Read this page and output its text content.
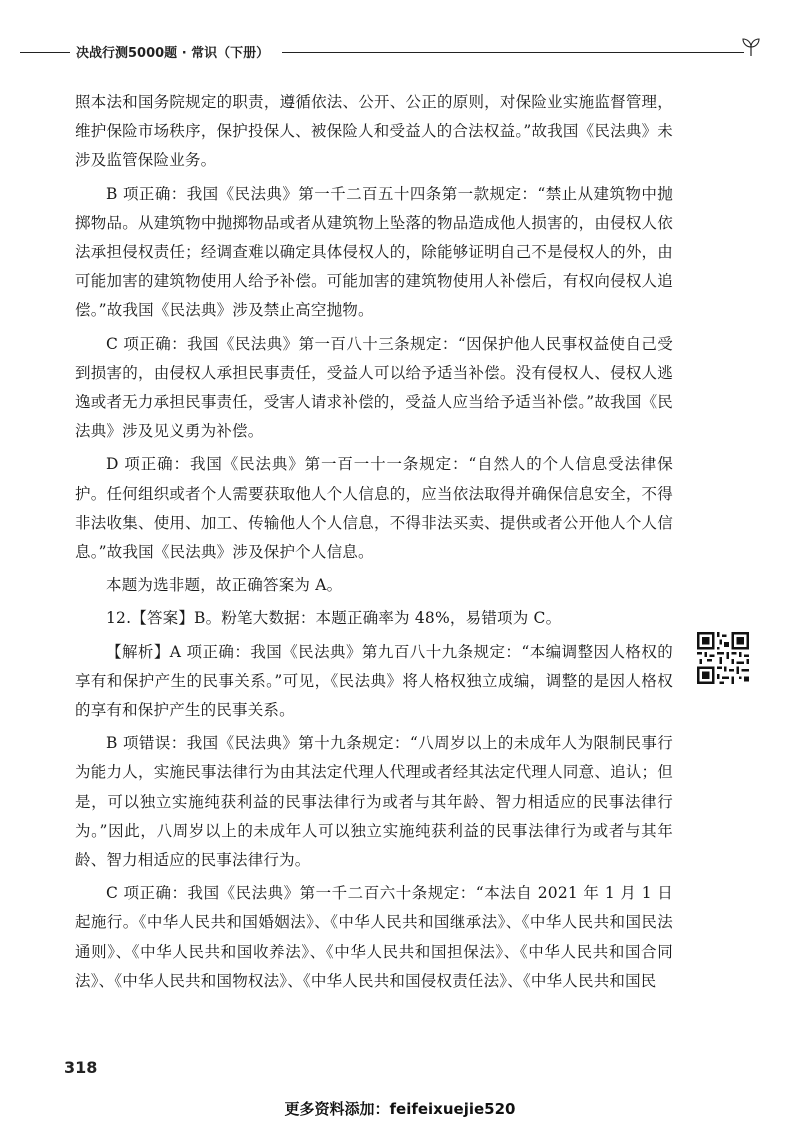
决战行测5000题 · 常识（下册）

照本法和国务院规定的职责，遵循依法、公开、公正的原则，对保险业实施监督管理，维护保险市场秩序，保护投保人、被保险人和受益人的合法权益。”故我国《民法典》未涉及监管保险业务。

B 项正确：我国《民法典》第一千二百五十四条第一款规定：“禁止从建筑物中抛掷物品。从建筑物中抛掷物品或者从建筑物上坠落的物品造成他人损害的，由侵权人依法承担侵权责任；经调查难以确定具体侵权人的，除能够证明自己不是侵权人的外，由可能加害的建筑物使用人给予补偿。可能加害的建筑物使用人补偿后，有权向侵权人追偿。”故我国《民法典》涉及禁止高空抛物。

C 项正确：我国《民法典》第一百八十三条规定：“因保护他人民事权益使自己受到损害的，由侵权人承担民事责任，受益人可以给予适当补偿。没有侵权人、侵权人逃逸或者无力承担民事责任，受害人请求补偿的，受益人应当给予适当补偿。”故我国《民法典》涉及见义勇为补偿。

D 项正确：我国《民法典》第一百一十一条规定：“自然人的个人信息受法律保护。任何组织或者个人需要获取他人个人信息的，应当依法取得并确保信息安全，不得非法收集、使用、加工、传输他人个人信息，不得非法买卖、提供或者公开他人个人信息。”故我国《民法典》涉及保护个人信息。

本题为选非题，故正确答案为 A。

12.【答案】B。粉笔大数据：本题正确率为 48%，易错项为 C。

【解析】A 项正确：我国《民法典》第九百八十九条规定：“本编调整因人格权的享有和保护产生的民事关系。”可见，《民法典》将人格权独立成编，调整的是因人格权的享有和保护产生的民事关系。

B 项错误：我国《民法典》第十九条规定：“八周岁以上的未成年人为限制民事行为能力人，实施民事法律行为由其法定代理人代理或者经其法定代理人同意、追认；但是，可以独立实施纯获利益的民事法律行为或者与其年龄、智力相适应的民事法律行为。”因此，八周岁以上的未成年人可以独立实施纯获利益的民事法律行为或者与其年龄、智力相适应的民事法律行为。

C 项正确：我国《民法典》第一千二百六十条规定：“本法自 2021 年 1 月 1 日起施行。《中华人民共和国婚姻法》、《中华人民共和国继承法》、《中华人民共和国民法通则》、《中华人民共和国收养法》、《中华人民共和国担保法》、《中华人民共和国合同法》、《中华人民共和国物权法》、《中华人民共和国侵权责任法》、《中华人民共和国民

318
更多资料添加：feifeixuejie520
